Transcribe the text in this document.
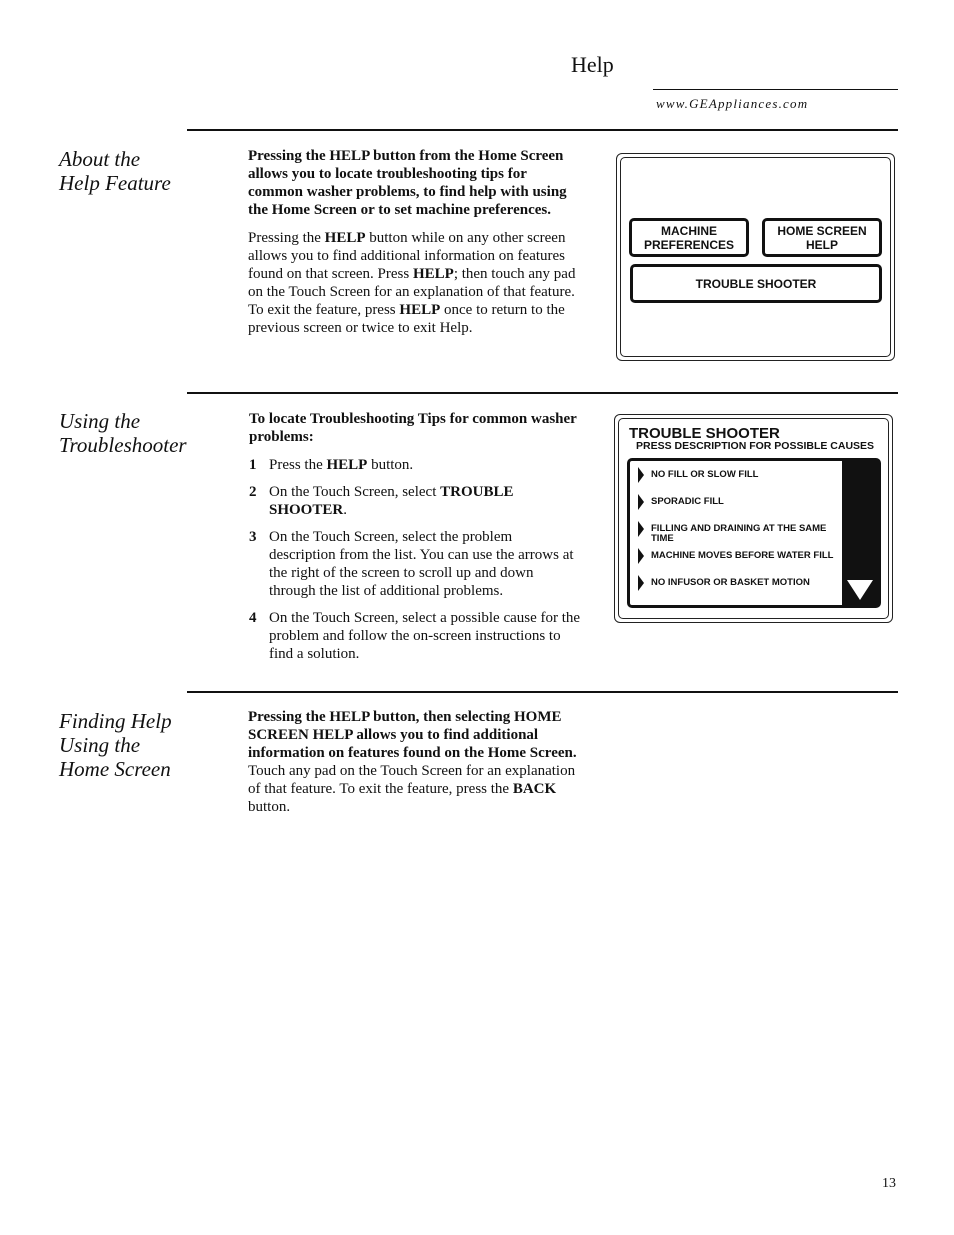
Help
www.GEAppliances.com
About the
Help Feature

Pressing the HELP button from the Home Screen allows you to locate troubleshooting tips for common washer problems, to find help with using the Home Screen or to set machine preferences.

Pressing the HELP button while on any other screen allows you to find additional information on features found on that screen. Press HELP; then touch any pad on the Touch Screen for an explanation of that feature. To exit the feature, press HELP once to return to the previous screen or twice to exit Help.

MACHINE
PREFERENCES
HOME SCREEN
HELP
TROUBLE SHOOTER
Using the
Troubleshooter

To locate Troubleshooting Tips for common washer problems:

1 Press the HELP button.
2 On the Touch Screen, select TROUBLE SHOOTER.
3 On the Touch Screen, select the problem description from the list. You can use the arrows at the right of the screen to scroll up and down through the list of additional problems.
4 On the Touch Screen, select a possible cause for the problem and follow the on-screen instructions to find a solution.
TROUBLE SHOOTER
PRESS DESCRIPTION FOR POSSIBLE CAUSES
NO FILL OR SLOW FILL
SPORADIC FILL
FILLING AND DRAINING AT THE SAME TIME
MACHINE MOVES BEFORE WATER FILL
NO INFUSOR OR BASKET MOTION
Finding Help
Using the
Home Screen

Pressing the HELP button, then selecting HOME SCREEN HELP allows you to find additional information on features found on the Home Screen. Touch any pad on the Touch Screen for an explanation of that feature. To exit the feature, press the BACK button.

13
